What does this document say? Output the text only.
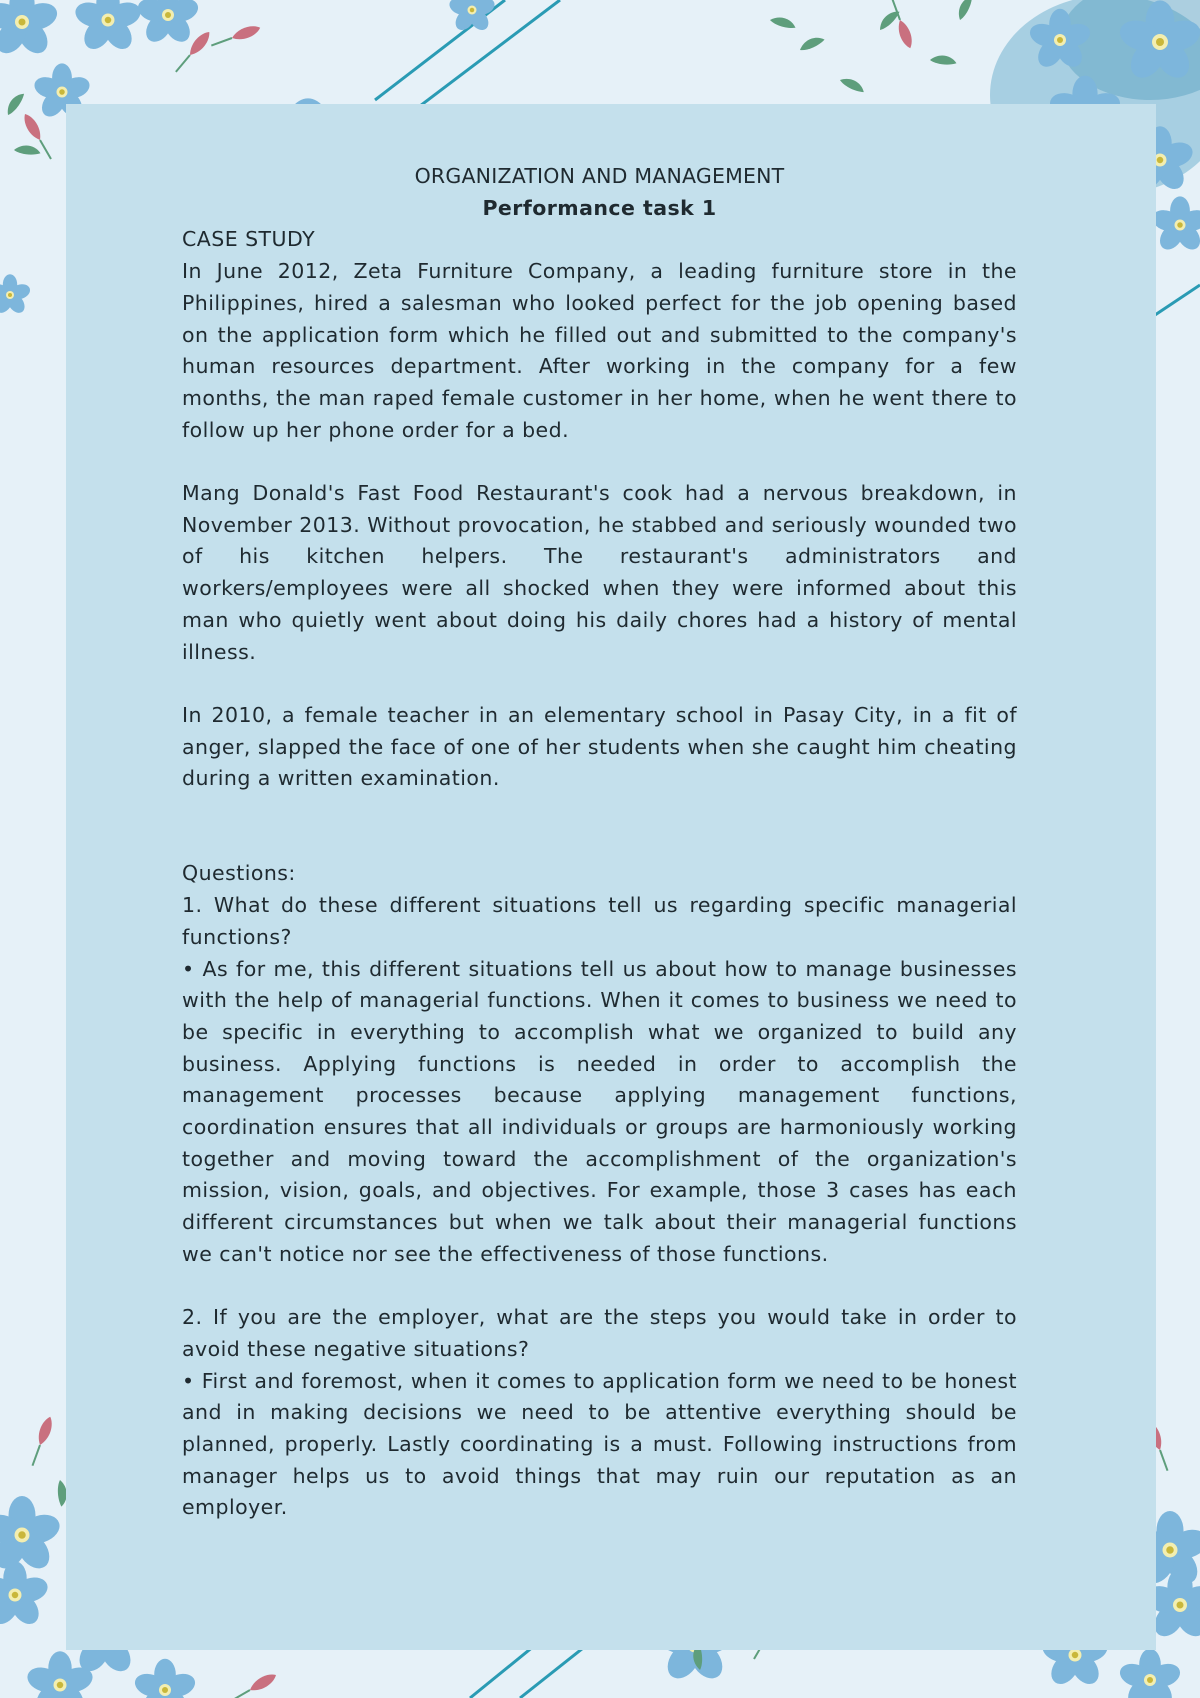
ORGANIZATION AND MANAGEMENT

Performance task 1

CASE STUDY

In June 2012, Zeta Furniture Company, a leading furniture store in the Philippines, hired a salesman who looked perfect for the job opening based on the application form which he filled out and submitted to the company's human resources department. After working in the company for a few months, the man raped female customer in her home, when he went there to follow up her phone order for a bed.

Mang Donald's Fast Food Restaurant's cook had a nervous breakdown, in November 2013. Without provocation, he stabbed and seriously wounded two of his kitchen helpers. The restaurant's administrators and workers/employees were all shocked when they were informed about this man who quietly went about doing his daily chores had a history of mental illness.

In 2010, a female teacher in an elementary school in Pasay City, in a fit of anger, slapped the face of one of her students when she caught him cheating during a written examination.

Questions:

1. What do these different situations tell us regarding specific managerial functions?

• As for me, this different situations tell us about how to manage businesses with the help of managerial functions. When it comes to business we need to be specific in everything to accomplish what we organized to build any business. Applying functions is needed in order to accomplish the management processes because applying management functions, coordination ensures that all individuals or groups are harmoniously working together and moving toward the accomplishment of the organization's mission, vision, goals, and objectives. For example, those 3 cases has each different circumstances but when we talk about their managerial functions we can't notice nor see the effectiveness of those functions.

2. If you are the employer, what are the steps you would take in order to avoid these negative situations?

• First and foremost, when it comes to application form we need to be honest and in making decisions we need to be attentive everything should be planned, properly. Lastly coordinating is a must. Following instructions from manager helps us to avoid things that may ruin our reputation as an employer.
